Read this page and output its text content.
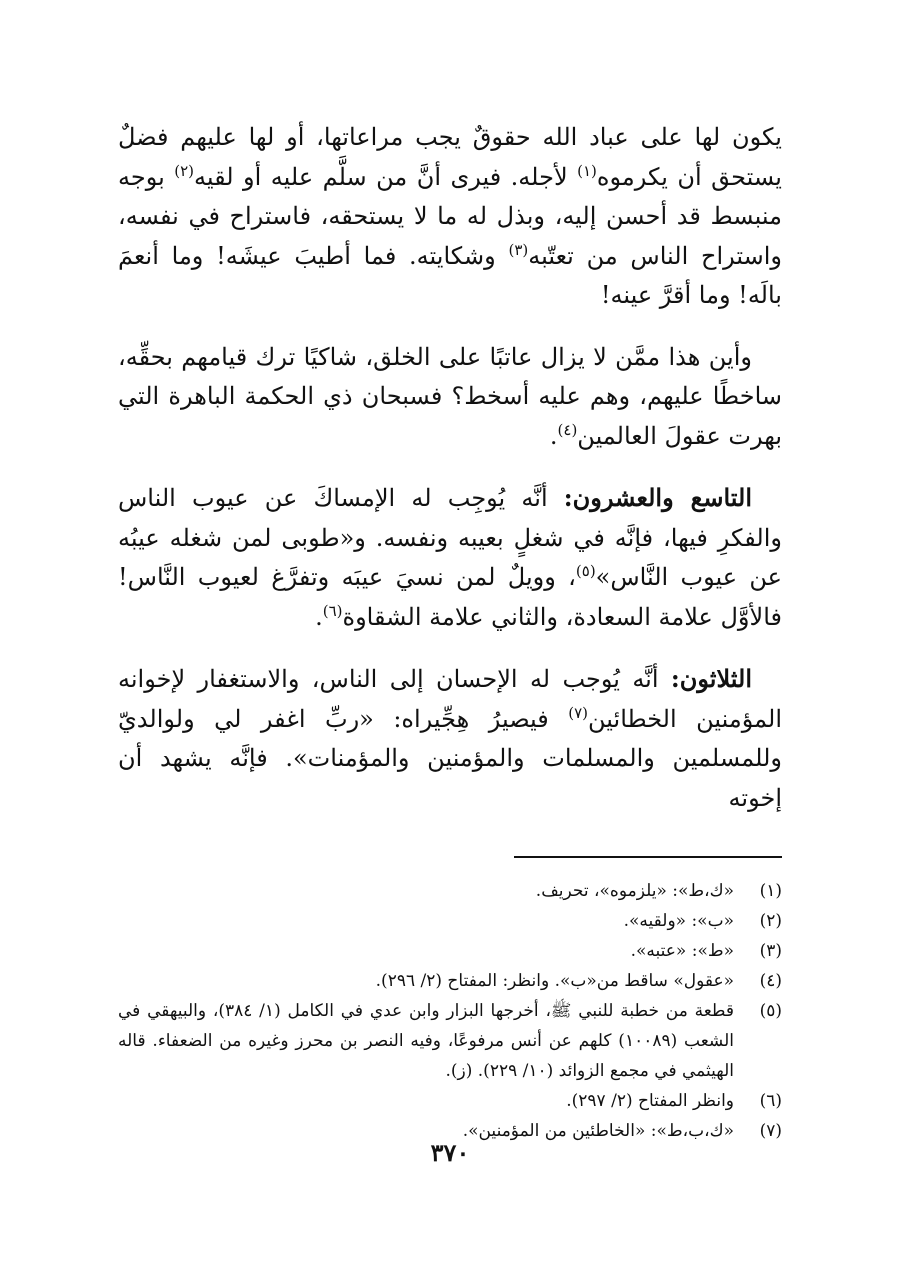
يكون لها على عباد الله حقوقٌ يجب مراعاتها، أو لها عليهم فضلٌ يستحق أن يكرموه$^{(١)}$ لأجله. فيرى أنَّ من سلَّم عليه أو لقيه$^{(٢)}$ بوجه منبسط قد أحسن إليه، وبذل له ما لا يستحقه، فاستراح في نفسه، واستراح الناس من تعتّبه$^{(٣)}$ وشكايته. فما أطيبَ عيشَه! وما أنعمَ بالَه! وما أقرَّ عينه!

وأين هذا ممَّن لا يزال عاتبًا على الخلق، شاكيًا ترك قيامهم بحقِّه، ساخطًا عليهم، وهم عليه أسخط؟ فسبحان ذي الحكمة الباهرة التي بهرت عقولَ العالمين$^{(٤)}$.

التاسع والعشرون: أنَّه يُوجِب له الإمساكَ عن عيوب الناس والفكرِ فيها، فإنَّه في شغلٍ بعيبه ونفسه. و«طوبى لمن شغله عيبُه عن عيوب النَّاس»$^{(٥)}$، وويلٌ لمن نسيَ عيبَه وتفرَّغ لعيوب النَّاس! فالأوَّل علامة السعادة، والثاني علامة الشقاوة$^{(٦)}$.

الثلاثون: أنَّه يُوجب له الإحسان إلى الناس، والاستغفار لإخوانه المؤمنين الخطائين$^{(٧)}$ فيصيرُ هِجِّيراه: «ربِّ اغفر لي ولوالديّ وللمسلمين والمسلمات والمؤمنين والمؤمنات». فإنَّه يشهد أن إخوته

(١)
«ك،ط»: «يلزموه»، تحريف.
(٢)
«ب»: «ولقيه».
(٣)
«ط»: «عتبه».
(٤)
«عقول» ساقط من«ب». وانظر: المفتاح (٢/ ٢٩٦).
(٥)
قطعة من خطبة للنبي ﷺ، أخرجها البزار وابن عدي في الكامل (١/ ٣٨٤)، والبيهقي في الشعب (١٠٠٨٩) كلهم عن أنس مرفوعًا، وفيه النصر بن محرز وغيره من الضعفاء. قاله الهيثمي في مجمع الزوائد (١٠/ ٢٢٩). (ز).
(٦)
وانظر المفتاح (٢/ ٢٩٧).
(٧)
«ك،ب،ط»: «الخاطئين من المؤمنين».
٣٧٠
